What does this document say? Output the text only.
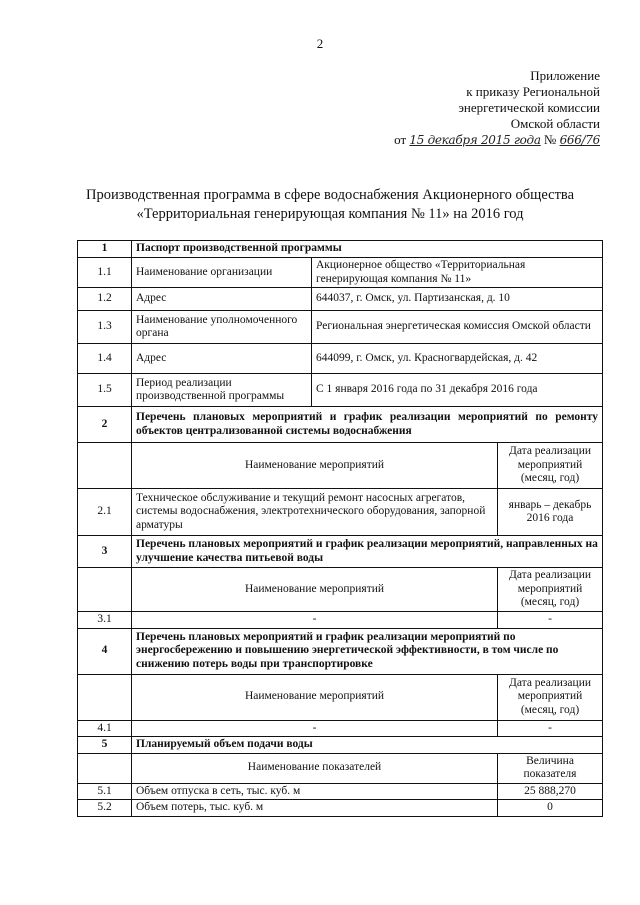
2
Приложение
к приказу Региональной
энергетической комиссии
Омской области
от 15 декабря 2015 года № 666/76
Производственная программа в сфере водоснабжения Акционерного общества
«Территориальная генерирующая компания № 11» на 2016 год
1	Паспорт производственной программы		
1.1	Наименование организации	Акционерное общество «Территориальная генерирующая компания № 11»	
1.2	Адрес	644037, г. Омск, ул. Партизанская, д. 10	
1.3	Наименование уполномоченного органа	Региональная энергетическая комиссия Омской области	
1.4	Адрес	644099, г. Омск, ул. Красногвардейская, д. 42	
1.5	Период реализации производственной программы	С 1 января 2016 года по 31 декабря 2016 года	
2	Перечень плановых мероприятий и график реализации мероприятий по ремонту объектов централизованной системы водоснабжения		
	Наименование мероприятий		Дата реализации мероприятий (месяц, год)
2.1	Техническое обслуживание и текущий ремонт насосных агрегатов, системы водоснабжения, электротехнического оборудования, запорной арматуры		январь – декабрь 2016 года
3	Перечень плановых мероприятий и график реализации мероприятий, направленных на улучшение качества питьевой воды		
	Наименование мероприятий		Дата реализации мероприятий (месяц, год)
3.1	-		-
4	Перечень плановых мероприятий и график реализации мероприятий по энергосбережению и повышению энергетической эффективности, в том числе по снижению потерь воды при транспортировке		
	Наименование мероприятий		Дата реализации мероприятий (месяц, год)
4.1	-		-
5	Планируемый объем подачи воды		
	Наименование показателей		Величина показателя
5.1	Объем отпуска в сеть, тыс. куб. м		25 888,270
5.2	Объем потерь, тыс. куб. м		0
